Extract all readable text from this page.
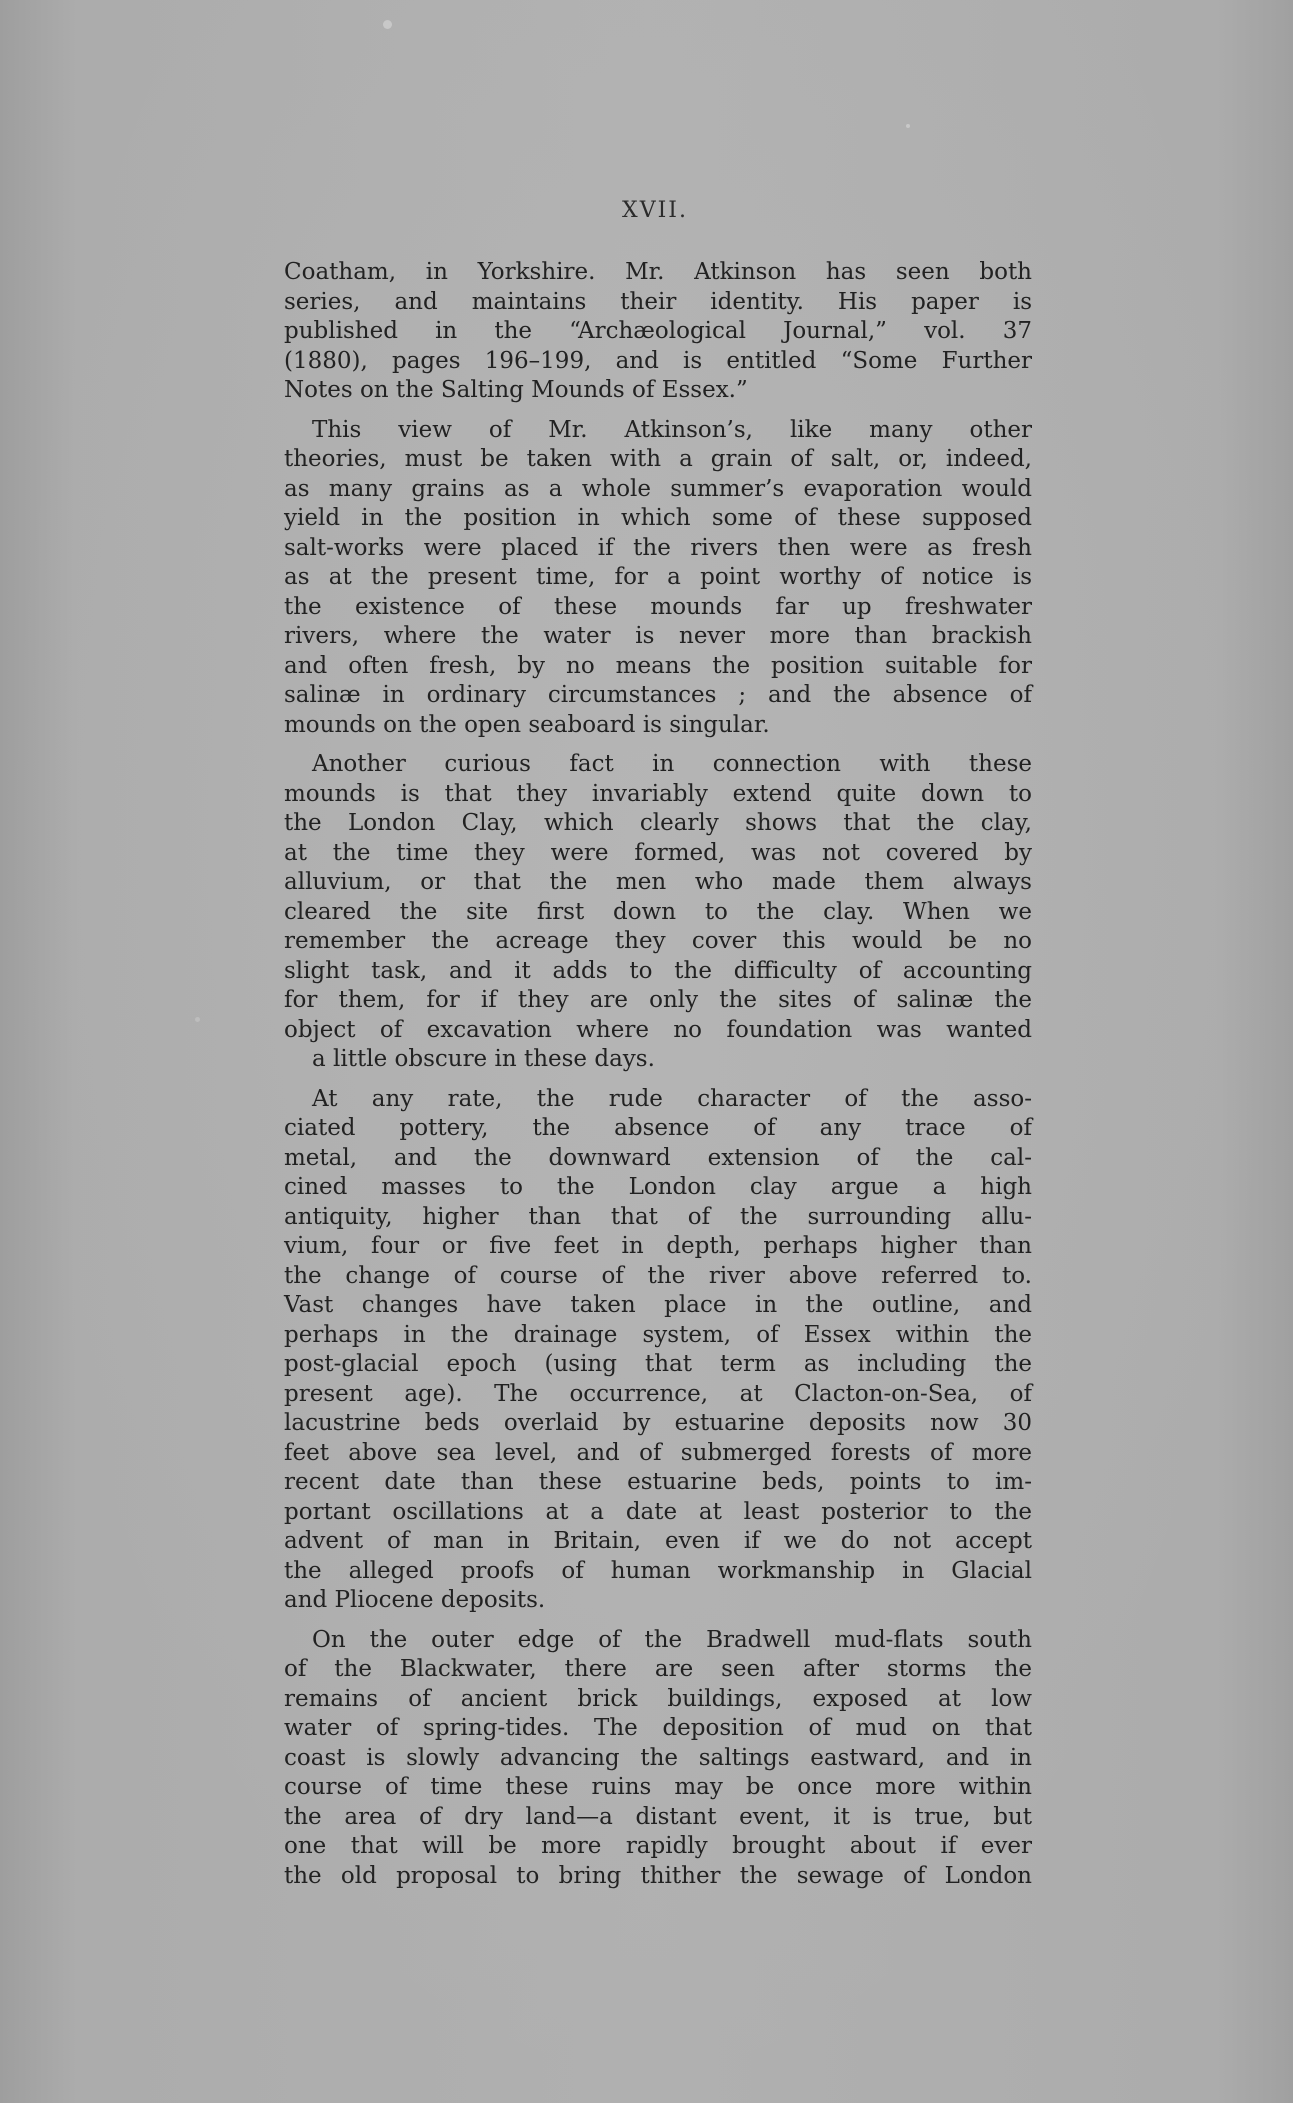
XVII.
Coatham, in Yorkshire. Mr. Atkinson has seen both
series, and maintains their identity. His paper is
published in the “Archæological Journal,” vol. 37
(1880), pages 196–199, and is entitled “Some Further
Notes on the Salting Mounds of Essex.”
This view of Mr. Atkinson’s, like many other
theories, must be taken with a grain of salt, or, indeed,
as many grains as a whole summer’s evaporation would
yield in the position in which some of these supposed
salt-works were placed if the rivers then were as fresh
as at the present time, for a point worthy of notice is
the existence of these mounds far up freshwater
rivers, where the water is never more than brackish
and often fresh, by no means the position suitable for
salinæ in ordinary circumstances ; and the absence of
mounds on the open seaboard is singular.
Another curious fact in connection with these
mounds is that they invariably extend quite down to
the London Clay, which clearly shows that the clay,
at the time they were formed, was not covered by
alluvium, or that the men who made them always
cleared the site first down to the clay. When we
remember the acreage they cover this would be no
slight task, and it adds to the difficulty of accounting
for them, for if they are only the sites of salinæ the
object of excavation where no foundation was wanted
a little obscure in these days.
At any rate, the rude character of the asso-
ciated pottery, the absence of any trace of
metal, and the downward extension of the cal-
cined masses to the London clay argue a high
antiquity, higher than that of the surrounding allu-
vium, four or five feet in depth, perhaps higher than
the change of course of the river above referred to.
Vast changes have taken place in the outline, and
perhaps in the drainage system, of Essex within the
post-glacial epoch (using that term as including the
present age). The occurrence, at Clacton-on-Sea, of
lacustrine beds overlaid by estuarine deposits now 30
feet above sea level, and of submerged forests of more
recent date than these estuarine beds, points to im-
portant oscillations at a date at least posterior to the
advent of man in Britain, even if we do not accept
the alleged proofs of human workmanship in Glacial
and Pliocene deposits.
On the outer edge of the Bradwell mud-flats south
of the Blackwater, there are seen after storms the
remains of ancient brick buildings, exposed at low
water of spring-tides. The deposition of mud on that
coast is slowly advancing the saltings eastward, and in
course of time these ruins may be once more within
the area of dry land—a distant event, it is true, but
one that will be more rapidly brought about if ever
the old proposal to bring thither the sewage of London
